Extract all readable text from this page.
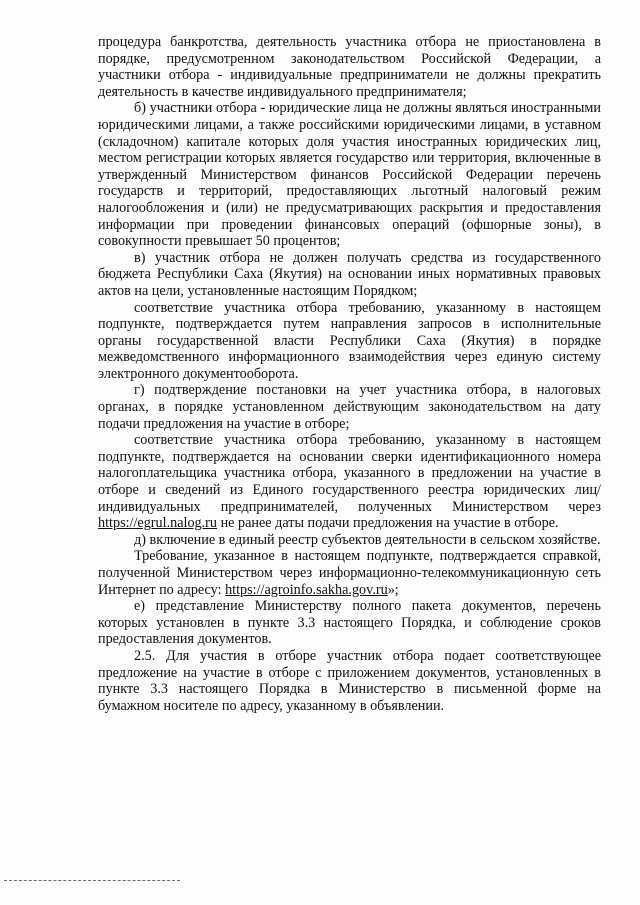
процедура банкротства, деятельность участника отбора не приостановлена в порядке, предусмотренном законодательством Российской Федерации, а участники отбора - индивидуальные предприниматели не должны прекратить деятельность в качестве индивидуального предпринимателя;

б) участники отбора - юридические лица не должны являться иностранными юридическими лицами, а также российскими юридическими лицами, в уставном (складочном) капитале которых доля участия иностранных юридических лиц, местом регистрации которых является государство или территория, включенные в утвержденный Министерством финансов Российской Федерации перечень государств и территорий, предоставляющих льготный налоговый режим налогообложения и (или) не предусматривающих раскрытия и предоставления информации при проведении финансовых операций (офшорные зоны), в совокупности превышает 50 процентов;

в) участник отбора не должен получать средства из государственного бюджета Республики Саха (Якутия) на основании иных нормативных правовых актов на цели, установленные настоящим Порядком;

соответствие участника отбора требованию, указанному в настоящем подпункте, подтверждается путем направления запросов в исполнительные органы государственной власти Республики Саха (Якутия) в порядке межведомственного информационного взаимодействия через единую систему электронного документооборота.

г) подтверждение постановки на учет участника отбора, в налоговых органах, в порядке установленном действующим законодательством на дату подачи предложения на участие в отборе;

соответствие участника отбора требованию, указанному в настоящем подпункте, подтверждается на основании сверки идентификационного номера налогоплательщика участника отбора, указанного в предложении на участие в отборе и сведений из Единого государственного реестра юридических лиц/индивидуальных предпринимателей, полученных Министерством через https://egrul.nalog.ru не ранее даты подачи предложения на участие в отборе.

д) включение в единый реестр субъектов деятельности в сельском хозяйстве.

Требование, указанное в настоящем подпункте, подтверждается справкой, полученной Министерством через информационно-телекоммуникационную сеть Интернет по адресу: https://agroinfo.sakha.gov.ru»;

е) представление Министерству полного пакета документов, перечень которых установлен в пункте 3.3 настоящего Порядка, и соблюдение сроков предоставления документов.

2.5. Для участия в отборе участник отбора подает соответствующее предложение на участие в отборе с приложением документов, установленных в пункте 3.3 настоящего Порядка в Министерство в письменной форме на бумажном носителе по адресу, указанному в объявлении.
